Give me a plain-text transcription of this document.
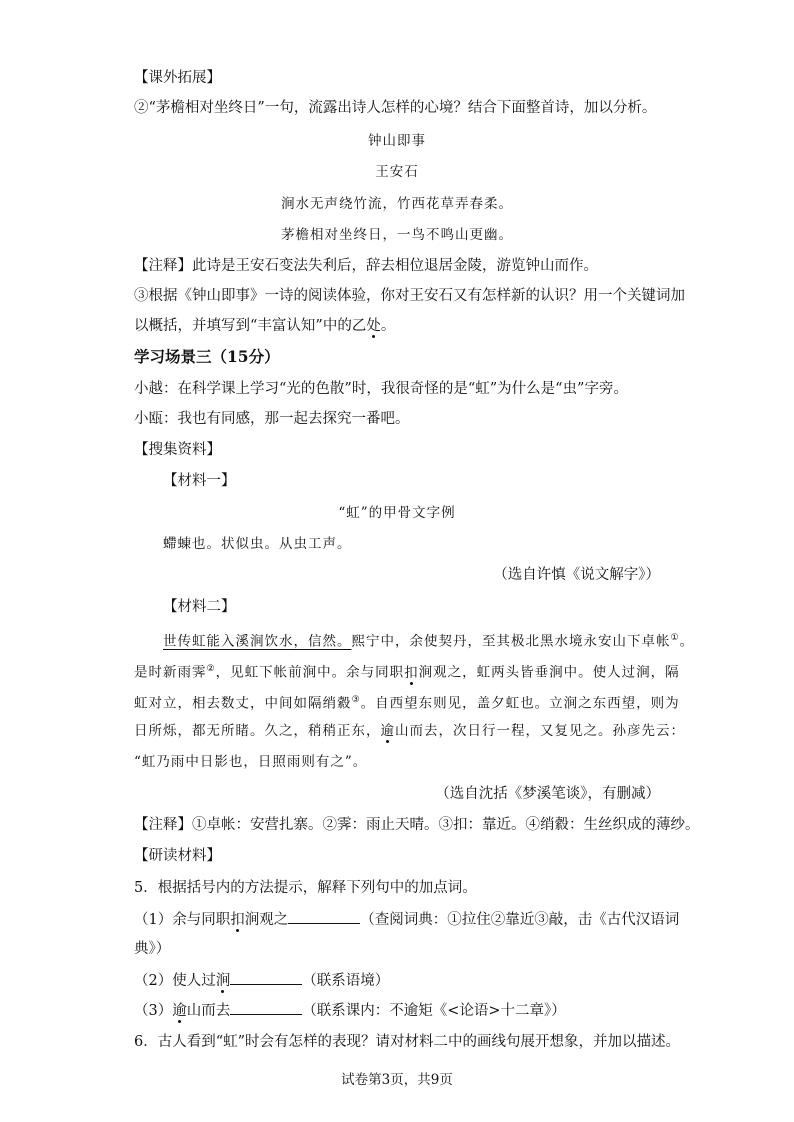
【课外拓展】
②“茅檐相对坐终日”一句，流露出诗人怎样的心境？结合下面整首诗，加以分析。
钟山即事
王安石
涧水无声绕竹流，竹西花草弄春柔。
茅檐相对坐终日，一鸟不鸣山更幽。
【注释】此诗是王安石变法失利后，辞去相位退居金陵，游览钟山而作。
③根据《钟山即事》一诗的阅读体验，你对王安石又有怎样新的认识？用一个关键词加
以概括，并填写到“丰富认知”中的乙处。
学习场景三（15分）
小越：在科学课上学习“光的色散”时，我很奇怪的是“虹”为什么是“虫”字旁。
小瓯：我也有同感，那一起去探究一番吧。
【搜集资料】
【材料一】
“虹”的甲骨文字例
螮蝀也。状似虫。从虫工声。
（选自许慎《说文解字》）
【材料二】
世传虹能入溪涧饮水，信然。熙宁中，余使契丹，至其极北黑水境永安山下卓帐①。
是时新雨霁②，见虹下帐前涧中。余与同职扣涧观之，虹两头皆垂涧中。使人过涧，隔
虹对立，相去数丈，中间如隔绡縠③。自西望东则见，盖夕虹也。立涧之东西望，则为
日所烁，都无所睹。久之，稍稍正东，逾山而去，次日行一程，又复见之。孙彦先云：
“虹乃雨中日影也，日照雨则有之”。
（选自沈括《梦溪笔谈》，有删减）
【注释】①卓帐：安营扎寨。②霁：雨止天晴。③扣：靠近。④绡縠：生丝织成的薄纱。
【研读材料】
5．根据括号内的方法提示，解释下列句中的加点词。
（1）余与同职扣涧观之	（查阅词典：①拉住②靠近③敲，击《古代汉语词
典》）
（2）使人过涧	（联系语境）
（3）逾山而去	（联系课内：不逾矩《<论语>十二章》）
6．古人看到“虹”时会有怎样的表现？请对材料二中的画线句展开想象，并加以描述。
试卷第3页，共9页
